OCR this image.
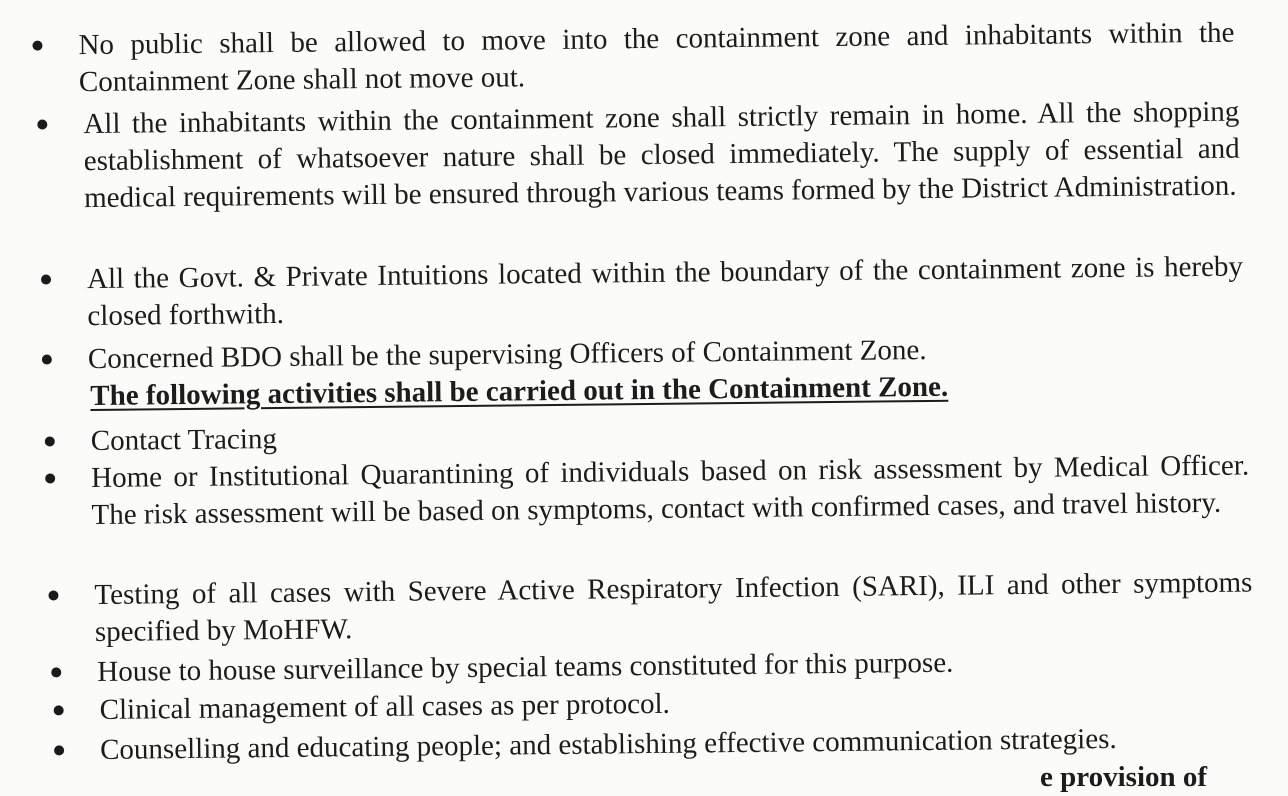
No public shall be allowed to move into the containment zone and inhabitants within the Containment Zone shall not move out.
All the inhabitants within the containment zone shall strictly remain in home. All the shopping establishment of whatsoever nature shall be closed immediately. The supply of essential and medical requirements will be ensured through various teams formed by the District Administration.
All the Govt. & Private Intuitions located within the boundary of the containment zone is hereby closed forthwith.
Concerned BDO shall be the supervising Officers of Containment Zone.
The following activities shall be carried out in the Containment Zone.
Contact Tracing
Home or Institutional Quarantining of individuals based on risk assessment by Medical Officer. The risk assessment will be based on symptoms, contact with confirmed cases, and travel history.
Testing of all cases with Severe Active Respiratory Infection (SARI), ILI and other symptoms specified by MoHFW.
House to house surveillance by special teams constituted for this purpose.
Clinical management of all cases as per protocol.
Counselling and educating people; and establishing effective communication strategies.
e provision of
